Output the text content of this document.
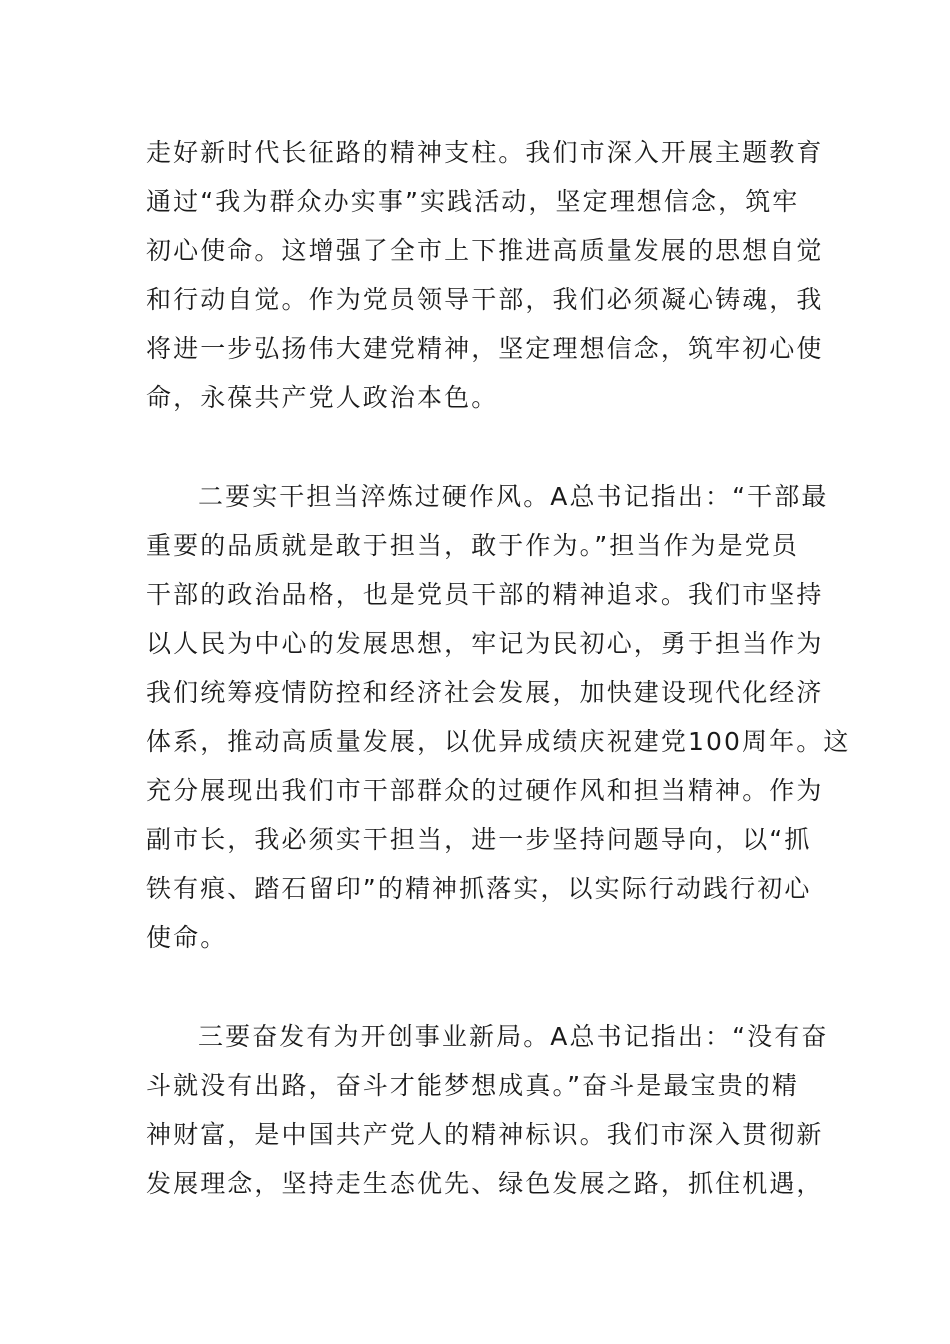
走好新时代长征路的精神支柱。我们市深入开展主题教育
通过“我为群众办实事”实践活动，坚定理想信念，筑牢
初心使命。这增强了全市上下推进高质量发展的思想自觉
和行动自觉。作为党员领导干部，我们必须凝心铸魂，我
将进一步弘扬伟大建党精神，坚定理想信念，筑牢初心使
命，永葆共产党人政治本色。
二要实干担当淬炼过硬作风。A总书记指出：“干部最
重要的品质就是敢于担当，敢于作为。”担当作为是党员
干部的政治品格，也是党员干部的精神追求。我们市坚持
以人民为中心的发展思想，牢记为民初心，勇于担当作为
我们统筹疫情防控和经济社会发展，加快建设现代化经济
体系，推动高质量发展，以优异成绩庆祝建党100周年。这
充分展现出我们市干部群众的过硬作风和担当精神。作为
副市长，我必须实干担当，进一步坚持问题导向，以“抓
铁有痕、踏石留印”的精神抓落实，以实际行动践行初心
使命。
三要奋发有为开创事业新局。A总书记指出：“没有奋
斗就没有出路，奋斗才能梦想成真。”奋斗是最宝贵的精
神财富，是中国共产党人的精神标识。我们市深入贯彻新
发展理念，坚持走生态优先、绿色发展之路，抓住机遇，
